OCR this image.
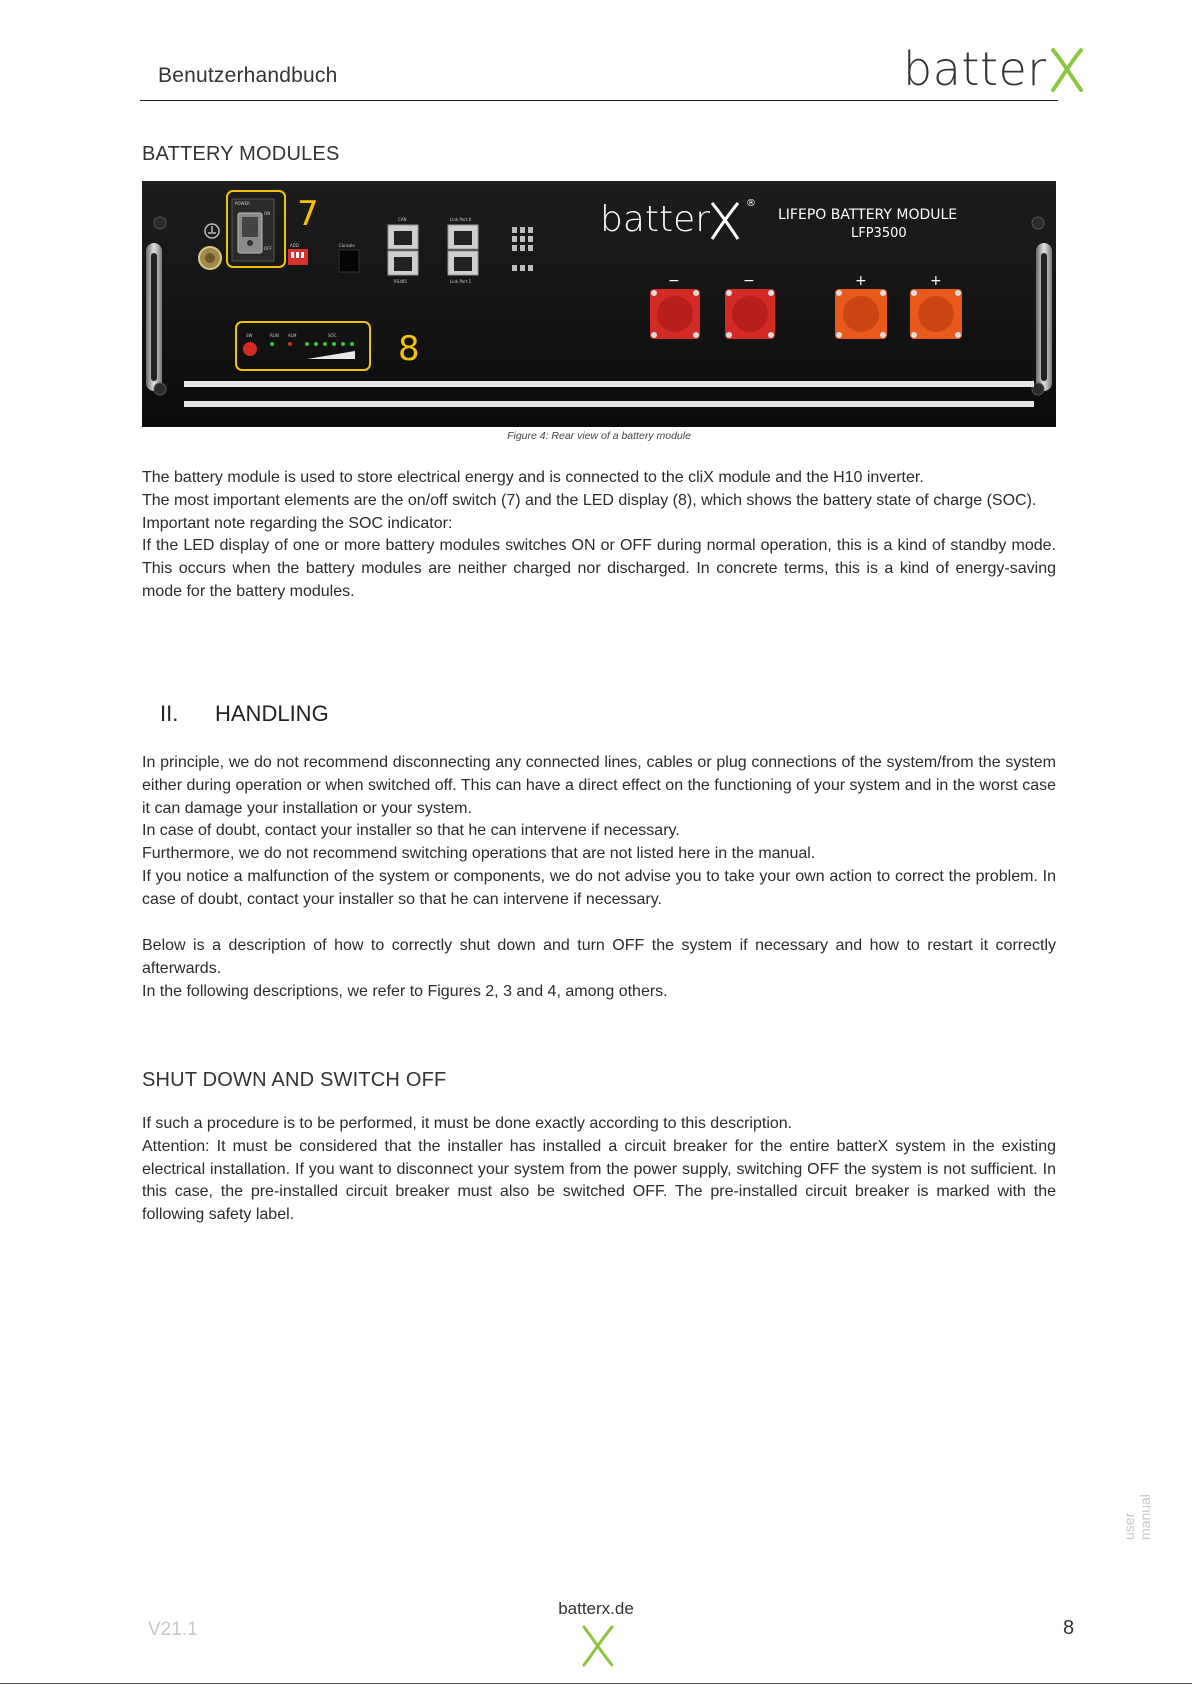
Benutzerhandbuch	batter
BATTERY MODULES
POWER
ON
OFF
7
ADD	Console
CAN
RS485
Link Port 0
Link Port 1
batter	®
LIFEPO BATTERY MODULE
LFP3500
SW	RUN ALM	SOC 8
−	−	+	+
Figure 4: Rear view of a battery module

The battery module is used to store electrical energy and is connected to the cliX module and the H10 inverter.

The most important elements are the on/off switch (7) and the LED display (8), which shows the battery state of charge (SOC).

Important note regarding the SOC indicator:

If the LED display of one or more battery modules switches ON or OFF during normal operation, this is a kind of standby mode. This occurs when the battery modules are neither charged nor discharged. In concrete terms, this is a kind of energy-saving mode for the battery modules.

II. HANDLING

In principle, we do not recommend disconnecting any connected lines, cables or plug connections of the system/from the system either during operation or when switched off. This can have a direct effect on the functioning of your system and in the worst case it can damage your installation or your system.

In case of doubt, contact your installer so that he can intervene if necessary.

Furthermore, we do not recommend switching operations that are not listed here in the manual.

If you notice a malfunction of the system or components, we do not advise you to take your own action to correct the problem. In case of doubt, contact your installer so that he can intervene if necessary.

Below is a description of how to correctly shut down and turn OFF the system if necessary and how to restart it correctly afterwards.

In the following descriptions, we refer to Figures 2, 3 and 4, among others.

SHUT DOWN AND SWITCH OFF

If such a procedure is to be performed, it must be done exactly according to this description.

Attention: It must be considered that the installer has installed a circuit breaker for the entire batterX system in the existing electrical installation. If you want to disconnect your system from the power supply, switching OFF the system is not sufficient. In this case, the pre-installed circuit breaker must also be switched OFF. The pre-installed circuit breaker is marked with the following safety label.

user manual
batterx.de
V21.1	8
